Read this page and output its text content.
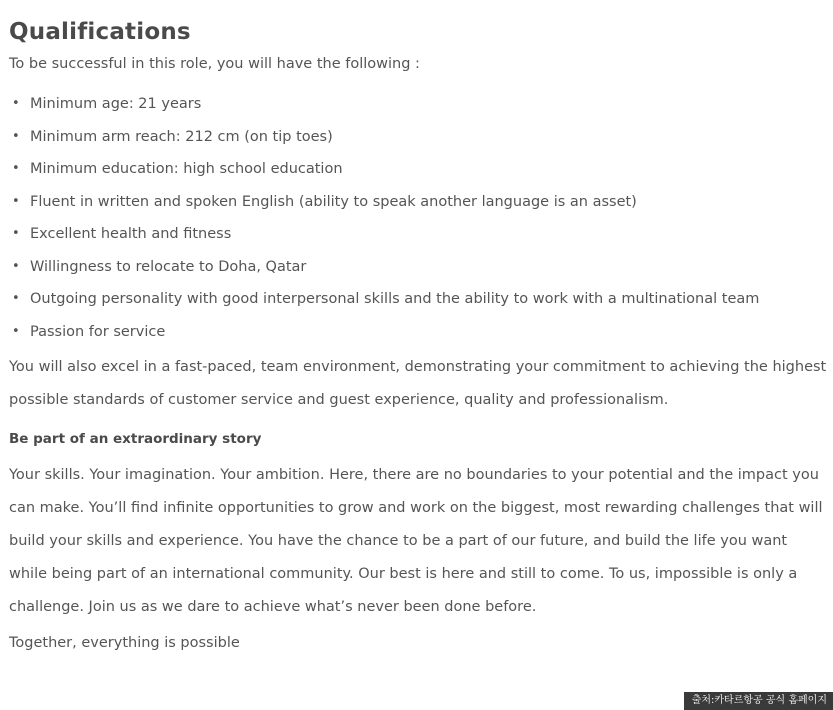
Qualifications

To be successful in this role, you will have the following :

• Minimum age: 21 years
• Minimum arm reach: 212 cm (on tip toes)
• Minimum education: high school education
• Fluent in written and spoken English (ability to speak another language is an asset)
• Excellent health and fitness
• Willingness to relocate to Doha, Qatar
• Outgoing personality with good interpersonal skills and the ability to work with a multinational team
• Passion for service

You will also excel in a fast-paced, team environment, demonstrating your commitment to achieving the highest possible standards of customer service and guest experience, quality and professionalism.

Be part of an extraordinary story

Your skills. Your imagination. Your ambition. Here, there are no boundaries to your potential and the impact you can make. You’ll find infinite opportunities to grow and work on the biggest, most rewarding challenges that will build your skills and experience. You have the chance to be a part of our future, and build the life you want while being part of an international community. Our best is here and still to come. To us, impossible is only a challenge. Join us as we dare to achieve what’s never been done before.

Together, everything is possible

출처:카타르항공 공식 홈페이지
